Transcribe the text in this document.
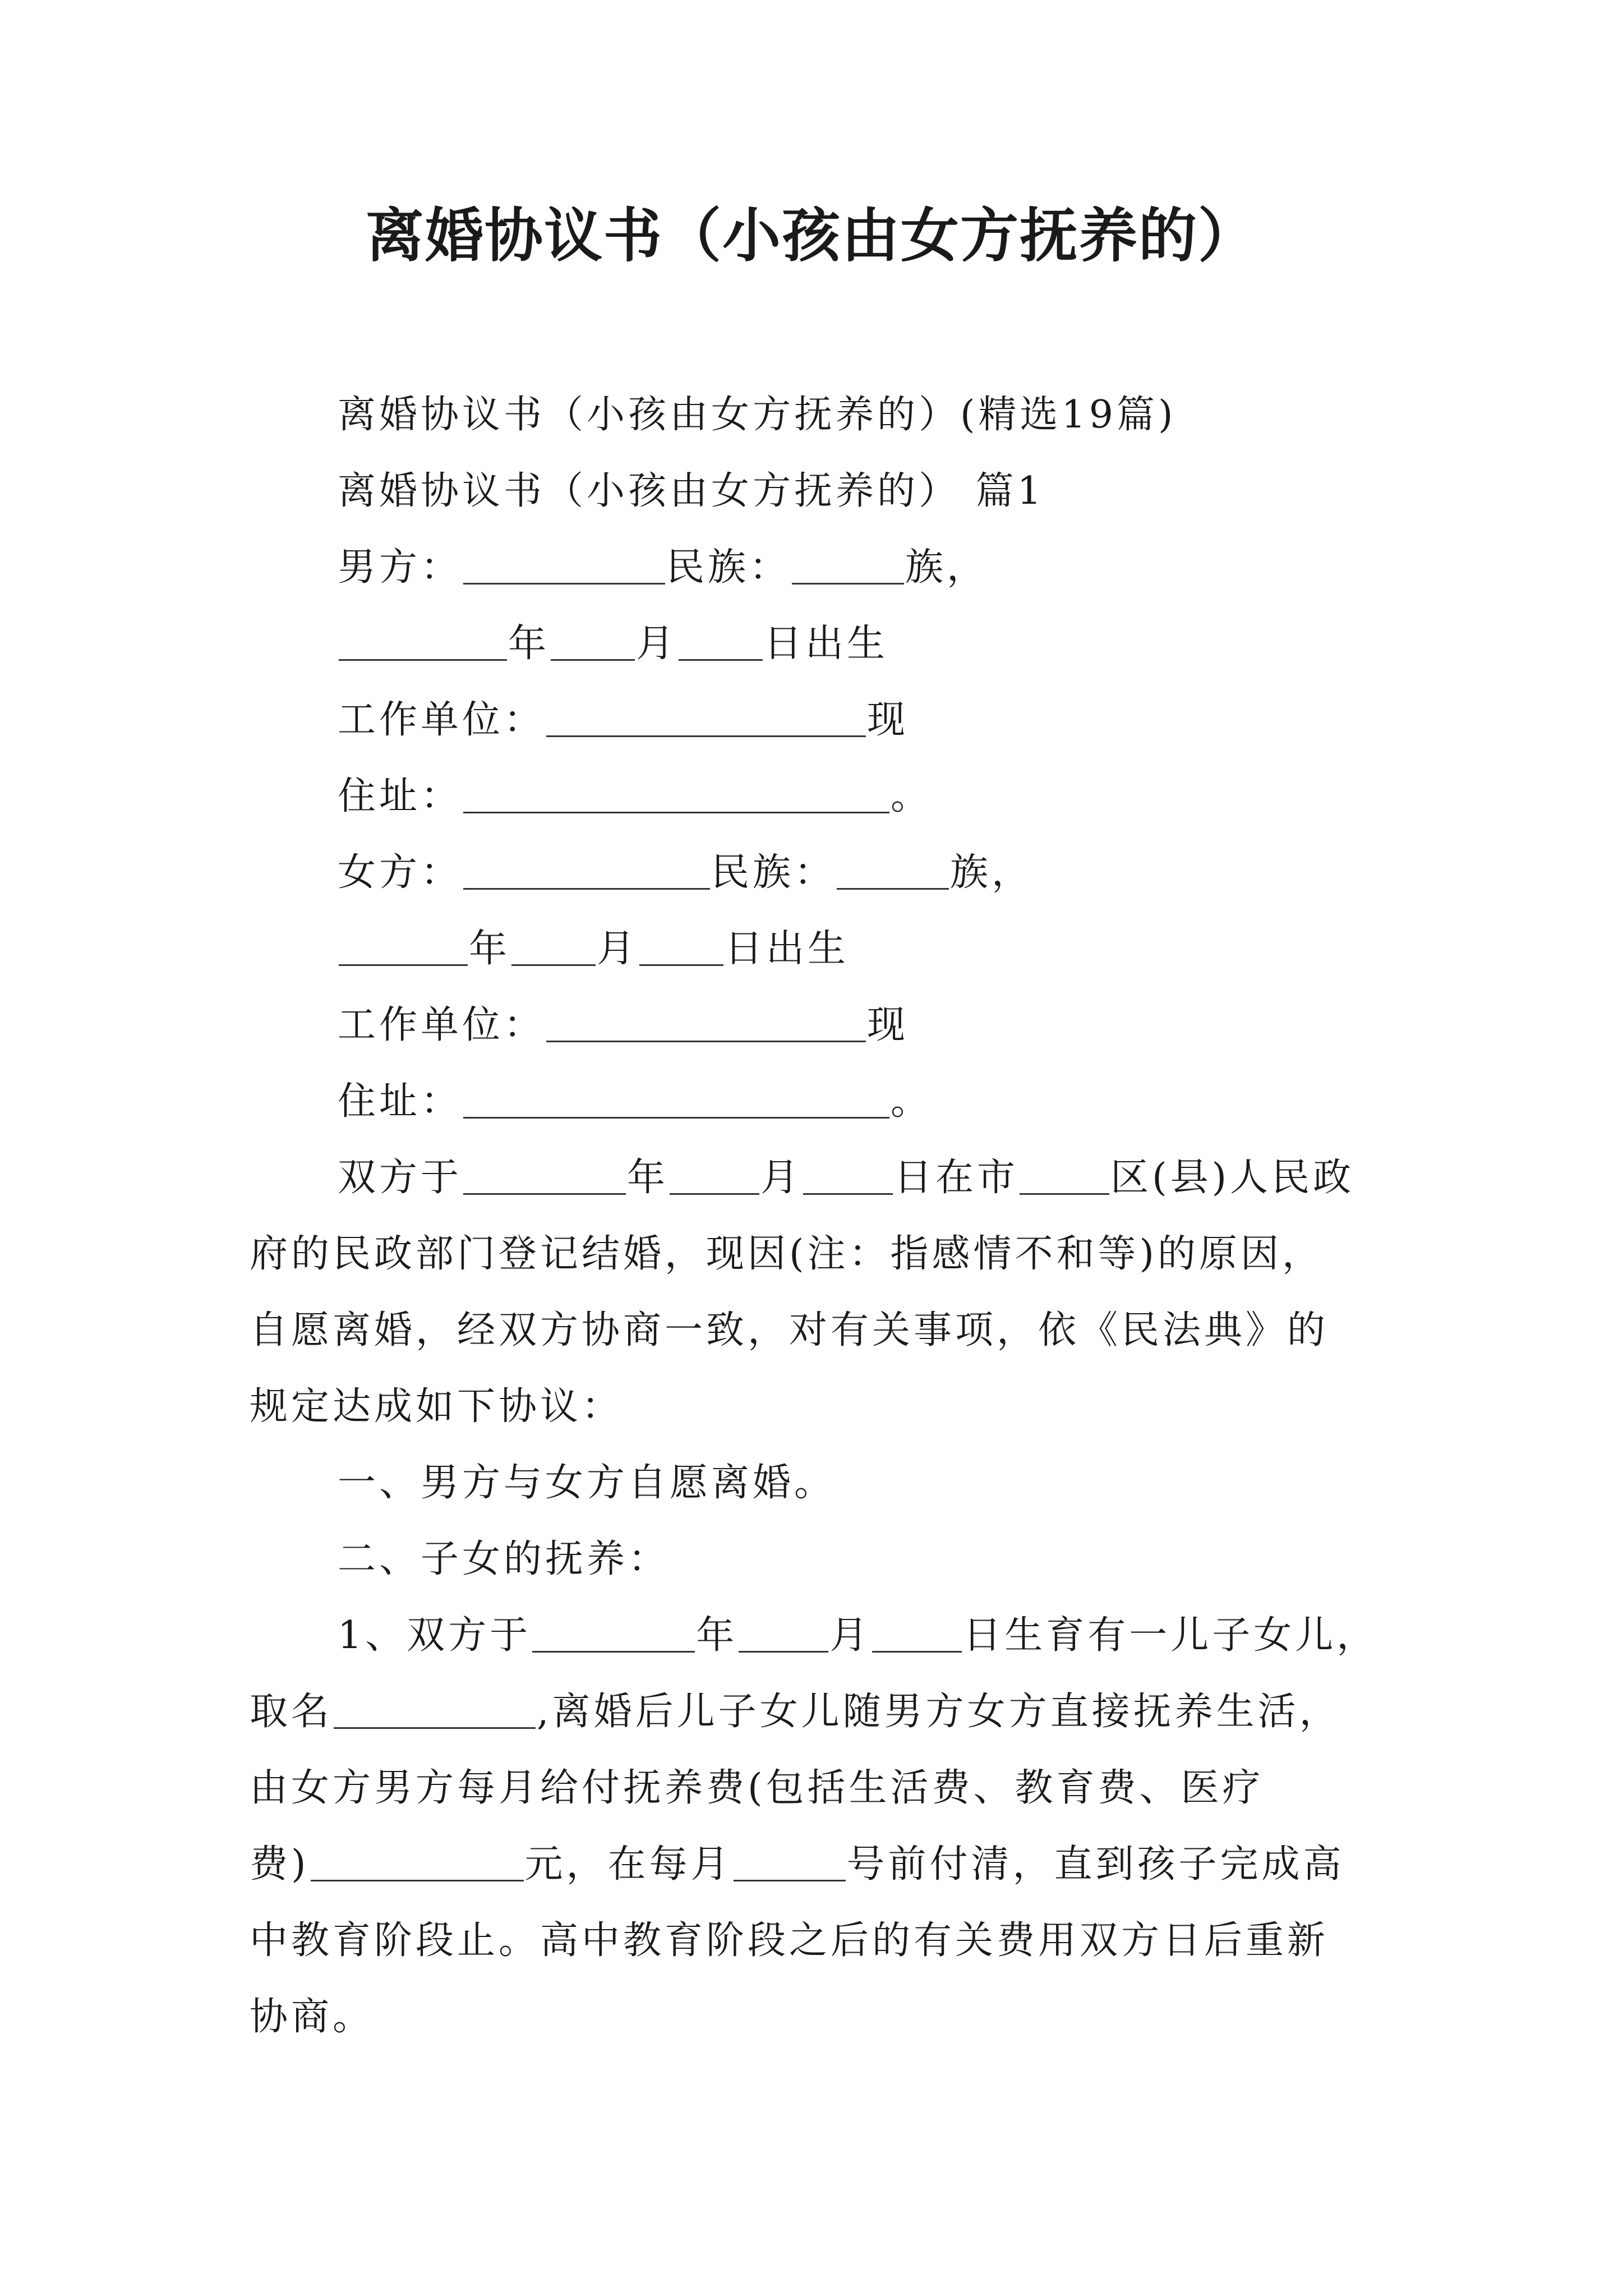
离婚协议书（小孩由女方抚养的）
离婚协议书（小孩由女方抚养的）(精选19篇)
离婚协议书（小孩由女方抚养的） 篇1
男方：	民族：	族，
年 月 日出生
工作单位：	现
住址：	。
女方：	民族：	族，
年 月 日出生
工作单位：	现
住址：	。
双方于	年 月 日在市 区(县)人民政
府的民政部门登记结婚，现因(注：指感情不和等)的原因，
自愿离婚，经双方协商一致，对有关事项，依《民法典》的
规定达成如下协议：
一、男方与女方自愿离婚。
二、子女的抚养：
1、双方于	年 月 日生育有一儿子女儿，
取名	,离婚后儿子女儿随男方女方直接抚养生活，
由女方男方每月给付抚养费(包括生活费、教育费、医疗
费)	元，在每月	号前付清，直到孩子完成高
中教育阶段止。高中教育阶段之后的有关费用双方日后重新
协商。
